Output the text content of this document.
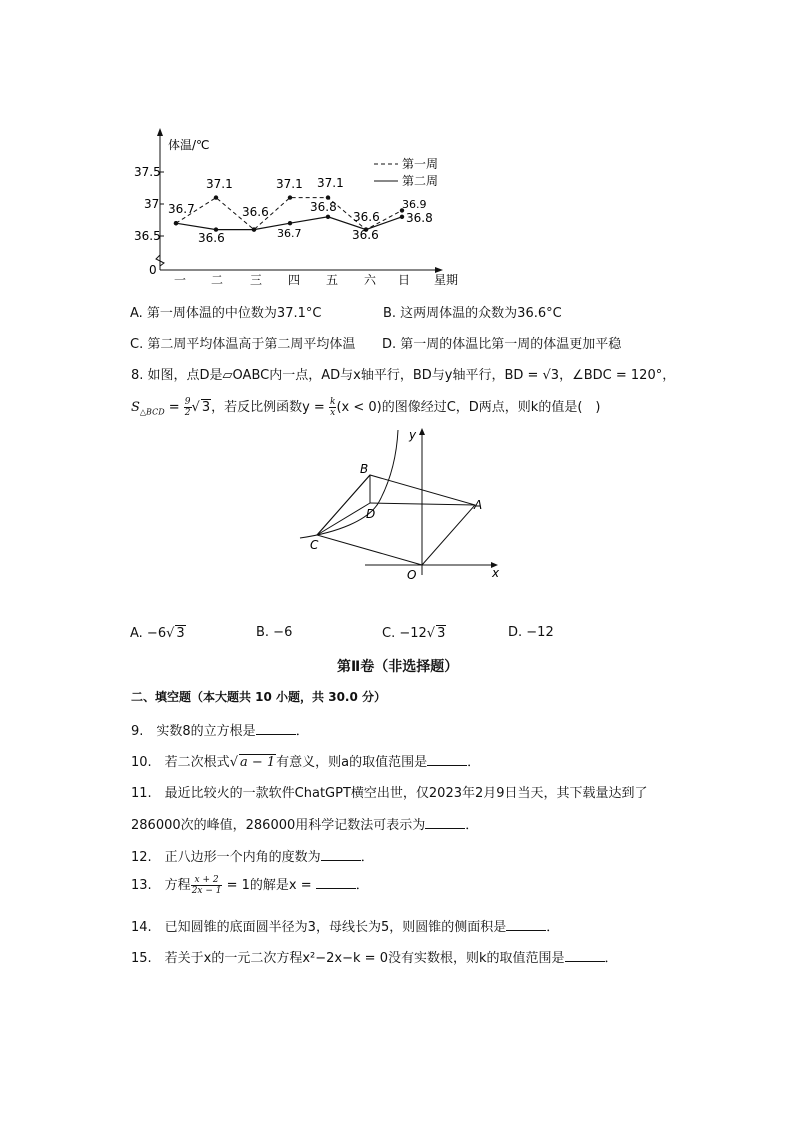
体温/℃
星期
37.5
37
36.5
0
第一周
第二周
一 二 三 四 五 六 日
36.7
37.1
36.6
37.1 37.1
36.6
36.7
36.8
36.6
36.9
36.8
36.6
A. 第一周体温的中位数为37.1°C	B. 这两周体温的众数为36.6°C
C. 第二周平均体温高于第二周平均体温 D. 第一周的体温比第一周的体温更加平稳
8. 如图，点D是▱OABC内一点，AD与x轴平行，BD与y轴平行，BD = √3，∠BDC = 120°，
$S_{\triangle BCD} = \frac{9}{2}$ √ 3，若反比例函数$y = \frac{k}{x} (x < 0)$的图像经过C，D两点，则k的值是(　)
y
x
B
D
A
C
O
A. −6√ 3	B. −6	C. −12√ 3	D. −12
第Ⅱ卷（非选择题）
二、填空题（本大题共 10 小题，共 30.0 分）
9.　实数8的立方根是	．
10.　若二次根式√ a − 1有意义，则a的取值范围是	．
11.　最近比较火的一款软件ChatGPT横空出世，仅2023年2月9日当天，其下载量达到了
286000次的峰值，286000用科学记数法可表示为	．
12.　正八边形一个内角的度数为	．
13.　方程 $\frac{x + 2}{2x - 1} = 1$的解是x =	．
14.　已知圆锥的底面圆半径为3，母线长为5，则圆锥的侧面积是	．
15.　若关于x的一元二次方程x²−2x−k = 0没有实数根，则k的取值范围是	．
